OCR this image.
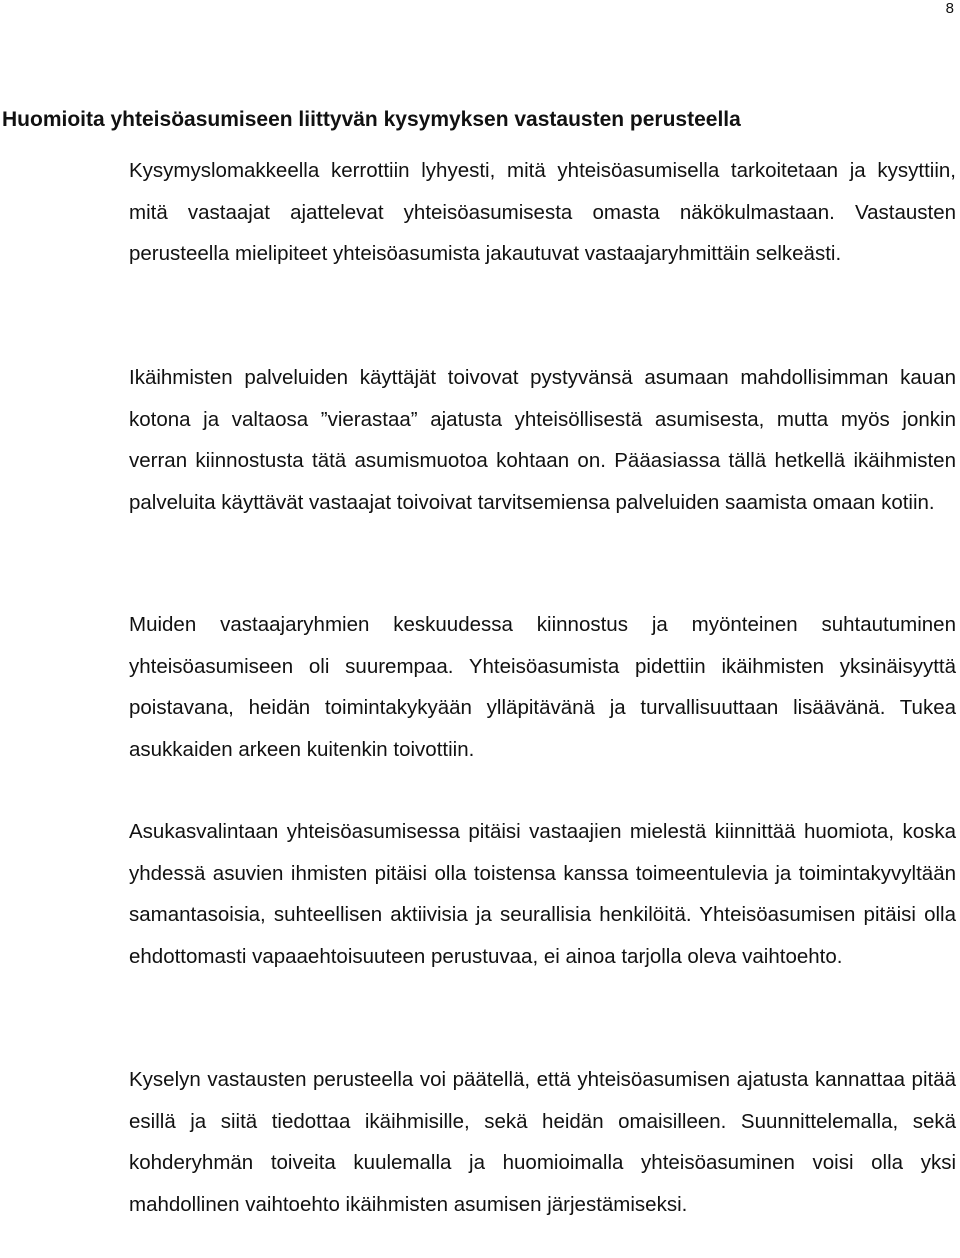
8
Huomioita yhteisöasumiseen liittyvän kysymyksen vastausten perusteella

Kysymyslomakkeella kerrottiin lyhyesti, mitä yhteisöasumisella tarkoitetaan ja kysyttiin, mitä vastaajat ajattelevat yhteisöasumisesta omasta näkökulmastaan. Vastausten perusteella mielipiteet yhteisöasumista jakautuvat vastaajaryhmittäin selkeästi.

Ikäihmisten palveluiden käyttäjät toivovat pystyvänsä asumaan mahdollisimman kauan kotona ja valtaosa ”vierastaa” ajatusta yhteisöllisestä asumisesta, mutta myös jonkin verran kiinnostusta tätä asumismuotoa kohtaan on. Pääasiassa tällä hetkellä ikäihmisten palveluita käyttävät vastaajat toivoivat tarvitsemiensa palveluiden saamista omaan kotiin.

Muiden vastaajaryhmien keskuudessa kiinnostus ja myönteinen suhtautuminen yhteisöasumiseen oli suurempaa. Yhteisöasumista pidettiin ikäihmisten yksinäisyyttä poistavana, heidän toimintakykyään ylläpitävänä ja turvallisuuttaan lisäävänä. Tukea asukkaiden arkeen kuitenkin toivottiin.

Asukasvalintaan yhteisöasumisessa pitäisi vastaajien mielestä kiinnittää huomiota, koska yhdessä asuvien ihmisten pitäisi olla toistensa kanssa toimeentulevia ja toimintakyvyltään samantasoisia, suhteellisen aktiivisia ja seurallisia henkilöitä. Yhteisöasumisen pitäisi olla ehdottomasti vapaaehtoisuuteen perustuvaa, ei ainoa tarjolla oleva vaihtoehto.

Kyselyn vastausten perusteella voi päätellä, että yhteisöasumisen ajatusta kannattaa pitää esillä ja siitä tiedottaa ikäihmisille, sekä heidän omaisilleen. Suunnittelemalla, sekä kohderyhmän toiveita kuulemalla ja huomioimalla yhteisöasuminen voisi olla yksi mahdollinen vaihtoehto ikäihmisten asumisen järjestämiseksi.
